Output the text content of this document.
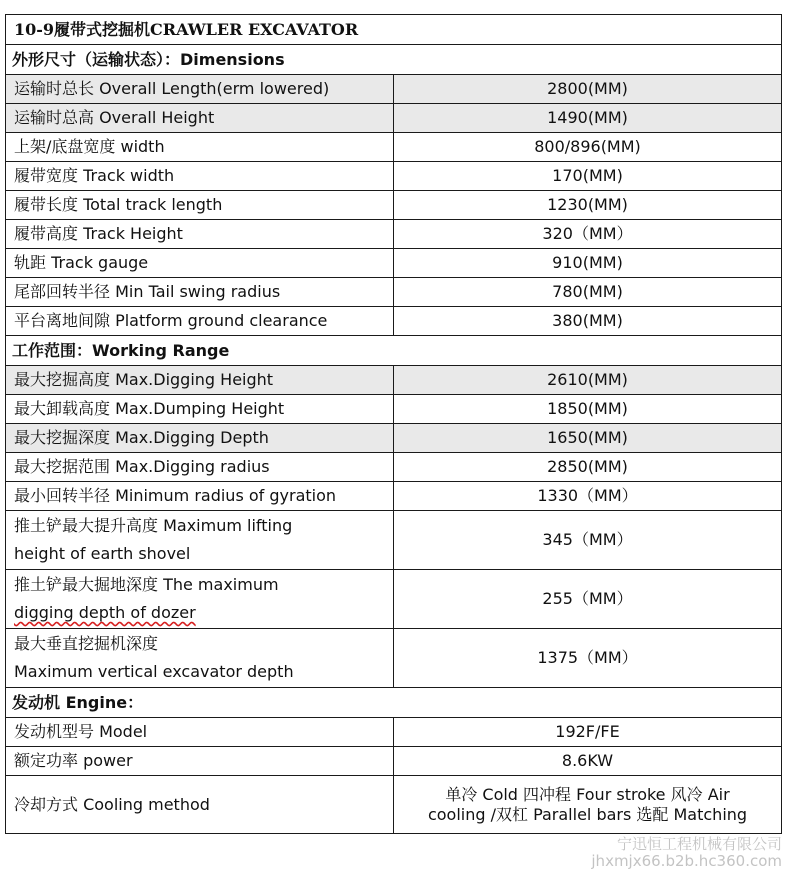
10-9履带式挖掘机CRAWLER EXCAVATOR	
外形尺寸（运输状态）：Dimensions	
运输时总长 Overall Length(erm lowered)	2800(MM)
运输时总高 Overall Height	1490(MM)
上架/底盘宽度 width	800/896(MM)
履带宽度 Track width	170(MM)
履带长度 Total track length	1230(MM)
履带高度 Track Height	320（MM）
轨距 Track gauge	910(MM)
尾部回转半径 Min Tail swing radius	780(MM)
平台离地间隙 Platform ground clearance	380(MM)
工作范围：Working Range	
最大挖掘高度 Max.Digging Height	2610(MM)
最大卸载高度 Max.Dumping Height	1850(MM)
最大挖掘深度 Max.Digging Depth	1650(MM)
最大挖据范围 Max.Digging radius	2850(MM)
最小回转半径 Minimum radius of gyration	1330（MM）
推土铲最大提升高度 Maximum lifting
height of earth shovel	345（MM）
推土铲最大掘地深度 The maximum
digging depth of dozer	255（MM）
最大垂直挖掘机深度
Maximum vertical excavator depth	1375（MM）
发动机 Engine：	
发动机型号 Model	192F/FE
额定功率 power	8.6KW
冷却方式 Cooling method	单冷 Cold 四冲程 Four stroke 风冷 Air
cooling /双杠 Parallel bars 选配 Matching
宁迅恒工程机械有限公司
jhxmjx66.b2b.hc360.com
